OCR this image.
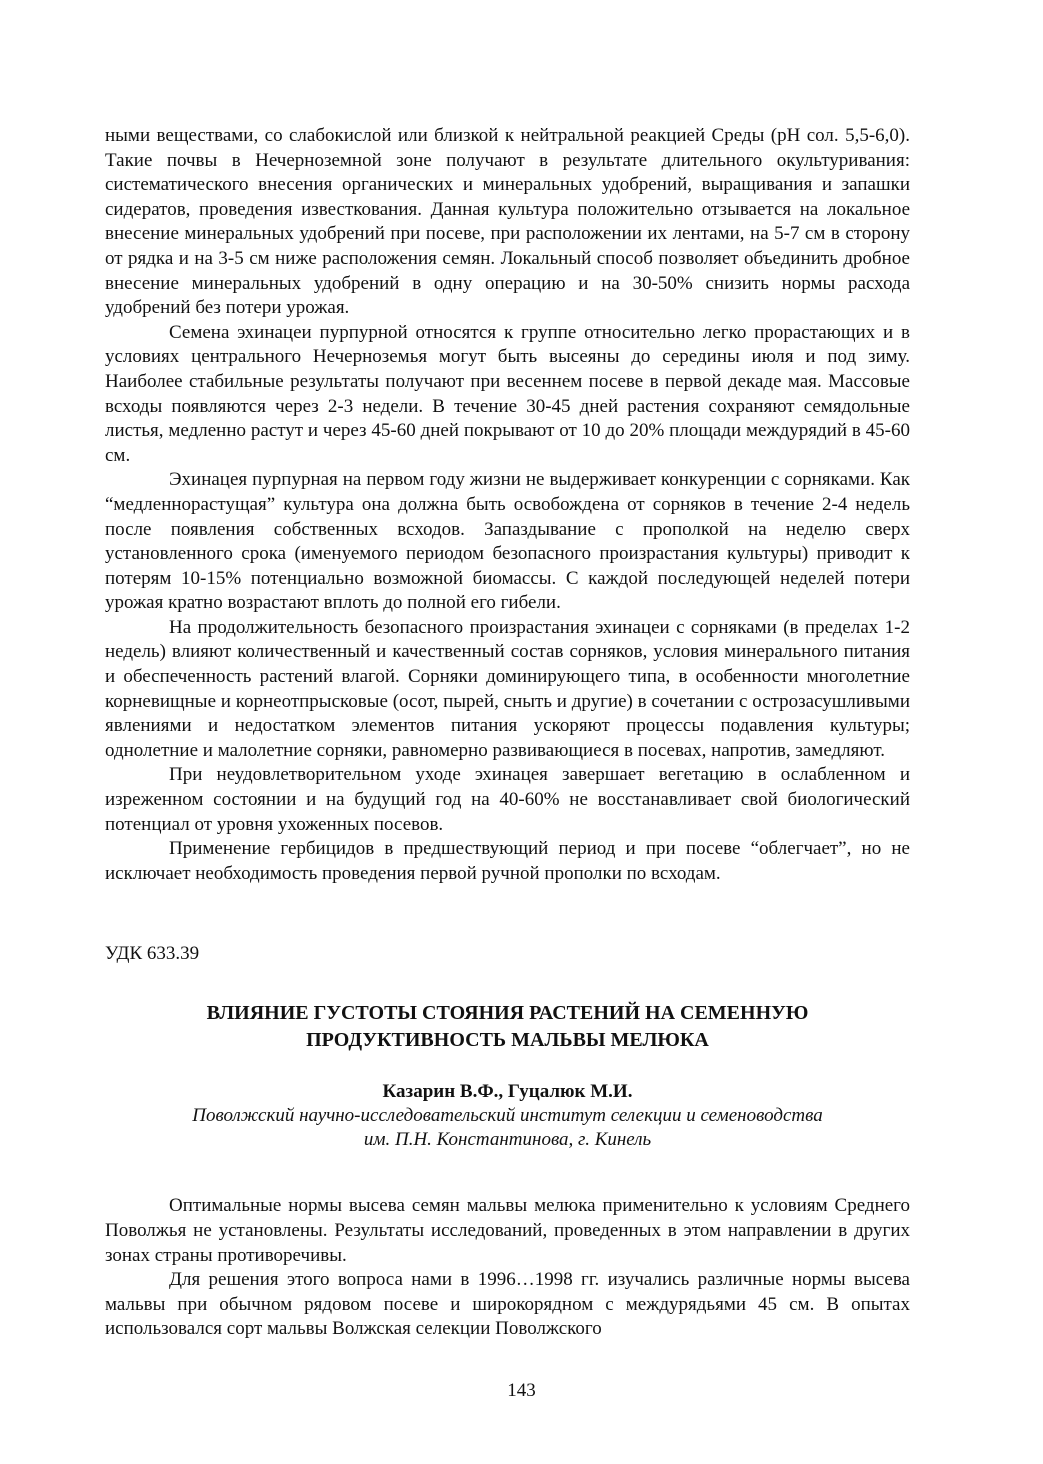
ными веществами, со слабокислой или близкой к нейтральной реакцией Среды (pH сол. 5,5-6,0). Такие почвы в Нечерноземной зоне получают в результате длительного окультуривания: систематического внесения органических и минеральных удобрений, выращивания и запашки сидератов, проведения известкования. Данная культура положительно отзывается на локальное внесение минеральных удобрений при посеве, при расположении их лентами, на 5-7 см в сторону от рядка и на 3-5 см ниже расположения семян. Локальный способ позволяет объединить дробное внесение минеральных удобрений в одну операцию и на 30-50% снизить нормы расхода удобрений без потери урожая.

Семена эхинацеи пурпурной относятся к группе относительно легко прорастающих и в условиях центрального Нечерноземья могут быть высеяны до середины июля и под зиму. Наиболее стабильные результаты получают при весеннем посеве в первой декаде мая. Массовые всходы появляются через 2-3 недели. В течение 30-45 дней растения сохраняют семядольные листья, медленно растут и через 45-60 дней покрывают от 10 до 20% площади междурядий в 45-60 см.

Эхинацея пурпурная на первом году жизни не выдерживает конкуренции с сорняками. Как “медленнорастущая” культура она должна быть освобождена от сорняков в течение 2-4 недель после появления собственных всходов. Запаздывание с прополкой на неделю сверх установленного срока (именуемого периодом безопасного произрастания культуры) приводит к потерям 10-15% потенциально возможной биомассы. С каждой последующей неделей потери урожая кратно возрастают вплоть до полной его гибели.

На продолжительность безопасного произрастания эхинацеи с сорняками (в пределах 1-2 недель) влияют количественный и качественный состав сорняков, условия минерального питания и обеспеченность растений влагой. Сорняки доминирующего типа, в особенности многолетние корневищные и корнеотпрысковые (осот, пырей, сныть и другие) в сочетании с острозасушливыми явлениями и недостатком элементов питания ускоряют процессы подавления культуры; однолетние и малолетние сорняки, равномерно развивающиеся в посевах, напротив, замедляют.

При неудовлетворительном уходе эхинацея завершает вегетацию в ослабленном и изреженном состоянии и на будущий год на 40-60% не восстанавливает свой биологический потенциал от уровня ухоженных посевов.

Применение гербицидов в предшествующий период и при посеве “облегчает”, но не исключает необходимость проведения первой ручной прополки по всходам.

УДК 633.39
ВЛИЯНИЕ ГУСТОТЫ СТОЯНИЯ РАСТЕНИЙ НА СЕМЕННУЮ
ПРОДУКТИВНОСТЬ МАЛЬВЫ МЕЛЮКА
Казарин В.Ф., Гуцалюк М.И.
Поволжский научно-исследовательский институт селекции и семеноводства
им. П.Н. Константинова, г. Кинель

Оптимальные нормы высева семян мальвы мелюка применительно к условиям Среднего Поволжья не установлены. Результаты исследований, проведенных в этом направлении в других зонах страны противоречивы.

Для решения этого вопроса нами в 1996…1998 гг. изучались различные нормы высева мальвы при обычном рядовом посеве и широкорядном с междурядьями 45 см. В опытах использовался сорт мальвы Волжская селекции Поволжского

143
